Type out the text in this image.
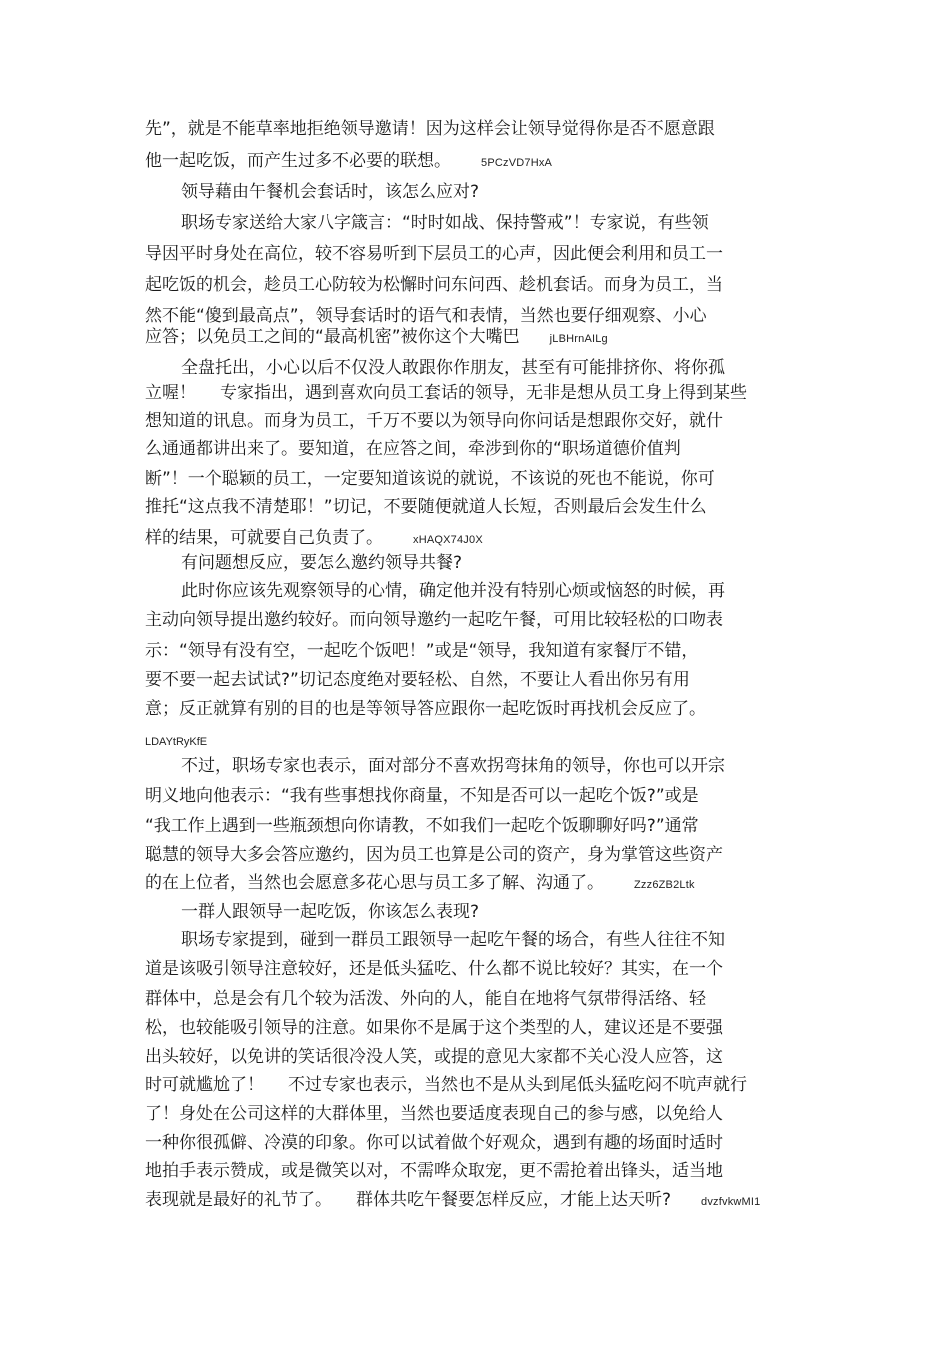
先”，就是不能草率地拒绝领导邀请！因为这样会让领导觉得你是否不愿意跟
他一起吃饭，而产生过多不必要的联想。	5PCzVD7HxA
领导藉由午餐机会套话时，该怎么应对?
职场专家送给大家八字箴言：“时时如战、保持警戒”！专家说，有些领
导因平时身处在高位，较不容易听到下层员工的心声，因此便会利用和员工一
起吃饭的机会，趁员工心防较为松懈时问东问西、趁机套话。而身为员工，当
然不能“傻到最高点”，领导套话时的语气和表情，当然也要仔细观察、小心
应答；以免员工之间的“最高机密”被你这个大嘴巴	jLBHrnAILg
全盘托出，小心以后不仅没人敢跟你作朋友，甚至有可能排挤你、将你孤
立喔！ 专家指出，遇到喜欢向员工套话的领导，无非是想从员工身上得到某些
想知道的讯息。而身为员工，千万不要以为领导向你问话是想跟你交好，就什
么通通都讲出来了。要知道，在应答之间，牵涉到你的“职场道德价值判
断”！一个聪颖的员工，一定要知道该说的就说，不该说的死也不能说，你可
推托“这点我不清楚耶！”切记，不要随便就道人长短，否则最后会发生什么
样的结果，可就要自己负责了。	xHAQX74J0X
有问题想反应，要怎么邀约领导共餐?
此时你应该先观察领导的心情，确定他并没有特别心烦或恼怒的时候，再
主动向领导提出邀约较好。而向领导邀约一起吃午餐，可用比较轻松的口吻表
示：“领导有没有空，一起吃个饭吧！”或是“领导，我知道有家餐厅不错，
要不要一起去试试?”切记态度绝对要轻松、自然，不要让人看出你另有用
意；反正就算有别的目的也是等领导答应跟你一起吃饭时再找机会反应了。
LDAYtRyKfE
不过，职场专家也表示，面对部分不喜欢拐弯抹角的领导，你也可以开宗
明义地向他表示：“我有些事想找你商量，不知是否可以一起吃个饭?”或是
“我工作上遇到一些瓶颈想向你请教，不如我们一起吃个饭聊聊好吗?”通常
聪慧的领导大多会答应邀约，因为员工也算是公司的资产，身为掌管这些资产
的在上位者，当然也会愿意多花心思与员工多了解、沟通了。	Zzz6ZB2Ltk
一群人跟领导一起吃饭，你该怎么表现?
职场专家提到，碰到一群员工跟领导一起吃午餐的场合，有些人往往不知
道是该吸引领导注意较好，还是低头猛吃、什么都不说比较好？其实，在一个
群体中，总是会有几个较为活泼、外向的人，能自在地将气氛带得活络、轻
松，也较能吸引领导的注意。如果你不是属于这个类型的人，建议还是不要强
出头较好，以免讲的笑话很冷没人笑，或提的意见大家都不关心没人应答，这
时可就尴尬了！ 不过专家也表示，当然也不是从头到尾低头猛吃闷不吭声就行
了！身处在公司这样的大群体里，当然也要适度表现自己的参与感，以免给人
一种你很孤僻、冷漠的印象。你可以试着做个好观众，遇到有趣的场面时适时
地拍手表示赞成，或是微笑以对，不需哗众取宠，更不需抢着出锋头，适当地
表现就是最好的礼节了。 群体共吃午餐要怎样反应，才能上达天听?	dvzfvkwMI1
